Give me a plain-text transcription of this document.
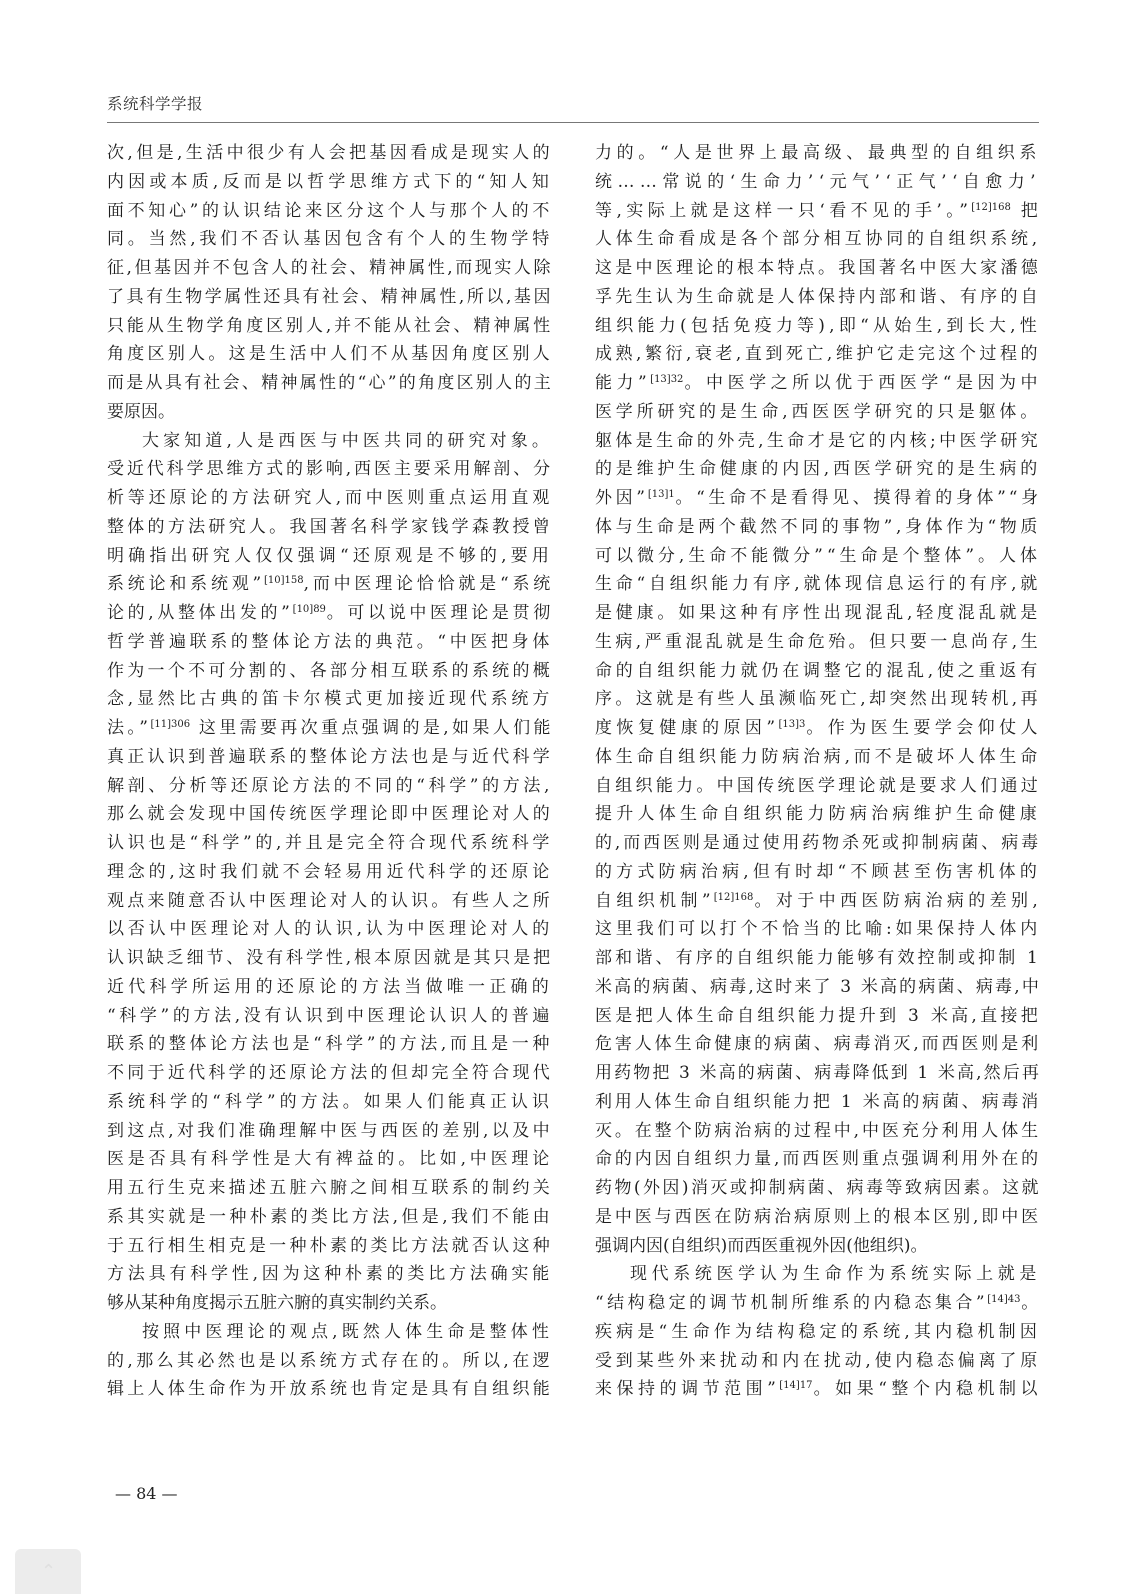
系统科学学报
次,但是,生活中很少有人会把基因看成是现实人的
内因或本质,反而是以哲学思维方式下的“知人知
面不知心”的认识结论来区分这个人与那个人的不
同。当然,我们不否认基因包含有个人的生物学特
征,但基因并不包含人的社会、精神属性,而现实人除
了具有生物学属性还具有社会、精神属性,所以,基因
只能从生物学角度区别人,并不能从社会、精神属性
角度区别人。这是生活中人们不从基因角度区别人
而是从具有社会、精神属性的“心”的角度区别人的主
要原因。
大家知道,人是西医与中医共同的研究对象。
受近代科学思维方式的影响,西医主要采用解剖、分
析等还原论的方法研究人,而中医则重点运用直观
整体的方法研究人。我国著名科学家钱学森教授曾
明确指出研究人仅仅强调“还原观是不够的,要用
系统论和系统观”$^{[10]158}$,而中医理论恰恰就是“系统
论的,从整体出发的”$^{[10]89}$。可以说中医理论是贯彻
哲学普遍联系的整体论方法的典范。“中医把身体
作为一个不可分割的、各部分相互联系的系统的概
念,显然比古典的笛卡尔模式更加接近现代系统方
法。”$^{[11]306}$ 这里需要再次重点强调的是,如果人们能
真正认识到普遍联系的整体论方法也是与近代科学
解剖、分析等还原论方法的不同的“科学”的方法,
那么就会发现中国传统医学理论即中医理论对人的
认识也是“科学”的,并且是完全符合现代系统科学
理念的,这时我们就不会轻易用近代科学的还原论
观点来随意否认中医理论对人的认识。有些人之所
以否认中医理论对人的认识,认为中医理论对人的
认识缺乏细节、没有科学性,根本原因就是其只是把
近代科学所运用的还原论的方法当做唯一正确的
“科学”的方法,没有认识到中医理论认识人的普遍
联系的整体论方法也是“科学”的方法,而且是一种
不同于近代科学的还原论方法的但却完全符合现代
系统科学的“科学”的方法。如果人们能真正认识
到这点,对我们准确理解中医与西医的差别,以及中
医是否具有科学性是大有裨益的。比如,中医理论
用五行生克来描述五脏六腑之间相互联系的制约关
系其实就是一种朴素的类比方法,但是,我们不能由
于五行相生相克是一种朴素的类比方法就否认这种
方法具有科学性,因为这种朴素的类比方法确实能
够从某种角度揭示五脏六腑的真实制约关系。
按照中医理论的观点,既然人体生命是整体性
的,那么其必然也是以系统方式存在的。所以,在逻
辑上人体生命作为开放系统也肯定是具有自组织能
力的。“人是世界上最高级、最典型的自组织系
统……常说的‘生命力’‘元气’‘正气’‘自愈力’
等,实际上就是这样一只‘看不见的手’。”$^{[12]168}$ 把
人体生命看成是各个部分相互协同的自组织系统,
这是中医理论的根本特点。我国著名中医大家潘德
孚先生认为生命就是人体保持内部和谐、有序的自
组织能力(包括免疫力等),即“从始生,到长大,性
成熟,繁衍,衰老,直到死亡,维护它走完这个过程的
能力”$^{[13]32}$。中医学之所以优于西医学“是因为中
医学所研究的是生命,西医医学研究的只是躯体。
躯体是生命的外壳,生命才是它的内核;中医学研究
的是维护生命健康的内因,西医学研究的是生病的
外因”$^{[13]1}$。“生命不是看得见、摸得着的身体”“身
体与生命是两个截然不同的事物”,身体作为“物质
可以微分,生命不能微分”“生命是个整体”。人体
生命“自组织能力有序,就体现信息运行的有序,就
是健康。如果这种有序性出现混乱,轻度混乱就是
生病,严重混乱就是生命危殆。但只要一息尚存,生
命的自组织能力就仍在调整它的混乱,使之重返有
序。这就是有些人虽濒临死亡,却突然出现转机,再
度恢复健康的原因”$^{[13]3}$。作为医生要学会仰仗人
体生命自组织能力防病治病,而不是破坏人体生命
自组织能力。中国传统医学理论就是要求人们通过
提升人体生命自组织能力防病治病维护生命健康
的,而西医则是通过使用药物杀死或抑制病菌、病毒
的方式防病治病,但有时却“不顾甚至伤害机体的
自组织机制”$^{[12]168}$。对于中西医防病治病的差别,
这里我们可以打个不恰当的比喻:如果保持人体内
部和谐、有序的自组织能力能够有效控制或抑制 1
米高的病菌、病毒,这时来了 3 米高的病菌、病毒,中
医是把人体生命自组织能力提升到 3 米高,直接把
危害人体生命健康的病菌、病毒消灭,而西医则是利
用药物把 3 米高的病菌、病毒降低到 1 米高,然后再
利用人体生命自组织能力把 1 米高的病菌、病毒消
灭。在整个防病治病的过程中,中医充分利用人体生
命的内因自组织力量,而西医则重点强调利用外在的
药物(外因)消灭或抑制病菌、病毒等致病因素。这就
是中医与西医在防病治病原则上的根本区别,即中医
强调内因(自组织)而西医重视外因(他组织)。
现代系统医学认为生命作为系统实际上就是
“结构稳定的调节机制所维系的内稳态集合”$^{[14]43}$。
疾病是“生命作为结构稳定的系统,其内稳机制因
受到某些外来扰动和内在扰动,使内稳态偏离了原
来保持的调节范围”$^{[14]17}$。如果“整个内稳机制以
— 84 —
⌃
